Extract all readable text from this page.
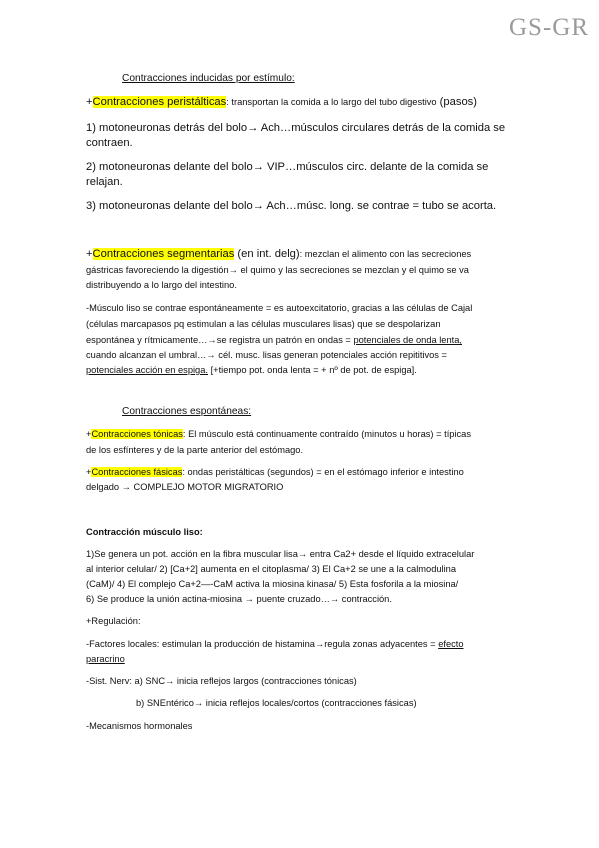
GS-GR

Contracciones inducidas por estímulo:

+Contracciones peristálticas: transportan la comida a lo largo del tubo digestivo (pasos)

1) motoneuronas detrás del bolo→ Ach…músculos circulares detrás de la comida se

contraen.

2) motoneuronas delante del bolo→ VIP…músculos circ. delante de la comida se

relajan.

3) motoneuronas delante del bolo→ Ach…músc. long. se contrae = tubo se acorta.

+Contracciones segmentarias (en int. delg): mezclan el alimento con las secreciones

gástricas favoreciendo la digestión→ el quimo y las secreciones se mezclan y el quimo se va

distribuyendo a lo largo del intestino.

-Músculo liso se contrae espontáneamente = es autoexcitatorio, gracias a las células de Cajal

(células marcapasos pq estimulan a las células musculares lisas) que se despolarizan

espontánea y rítmicamente…→se registra un patrón en ondas = potenciales de onda lenta,

cuando alcanzan el umbral…→ cél. musc. lisas generan potenciales acción repititivos =

potenciales acción en espiga. [+tiempo pot. onda lenta = + nº de pot. de espiga].

Contracciones espontáneas:

+Contracciones tónicas: El músculo está continuamente contraído (minutos u horas) = típicas

de los esfínteres y de la parte anterior del estómago.

+Contracciones fásicas: ondas peristálticas (segundos) = en el estómago inferior e intestino

delgado → COMPLEJO MOTOR MIGRATORIO

Contracción músculo liso:

1)Se genera un pot. acción en la fibra muscular lisa→ entra Ca2+ desde el líquido extracelular

al interior celular/ 2) [Ca+2] aumenta en el citoplasma/ 3) El Ca+2 se une a la calmodulina

(CaM)/ 4) El complejo Ca+2—-CaM activa la miosina kinasa/ 5) Esta fosforila a la miosina/

6) Se produce la unión actina-miosina → puente cruzado…→ contracción.

+Regulación:

-Factores locales: estimulan la producción de histamina→regula zonas adyacentes = efecto

paracrino

-Sist. Nerv: a) SNC→ inicia reflejos largos (contracciones tónicas)

b) SNEntérico→ inicia reflejos locales/cortos (contracciones fásicas)

-Mecanismos hormonales
